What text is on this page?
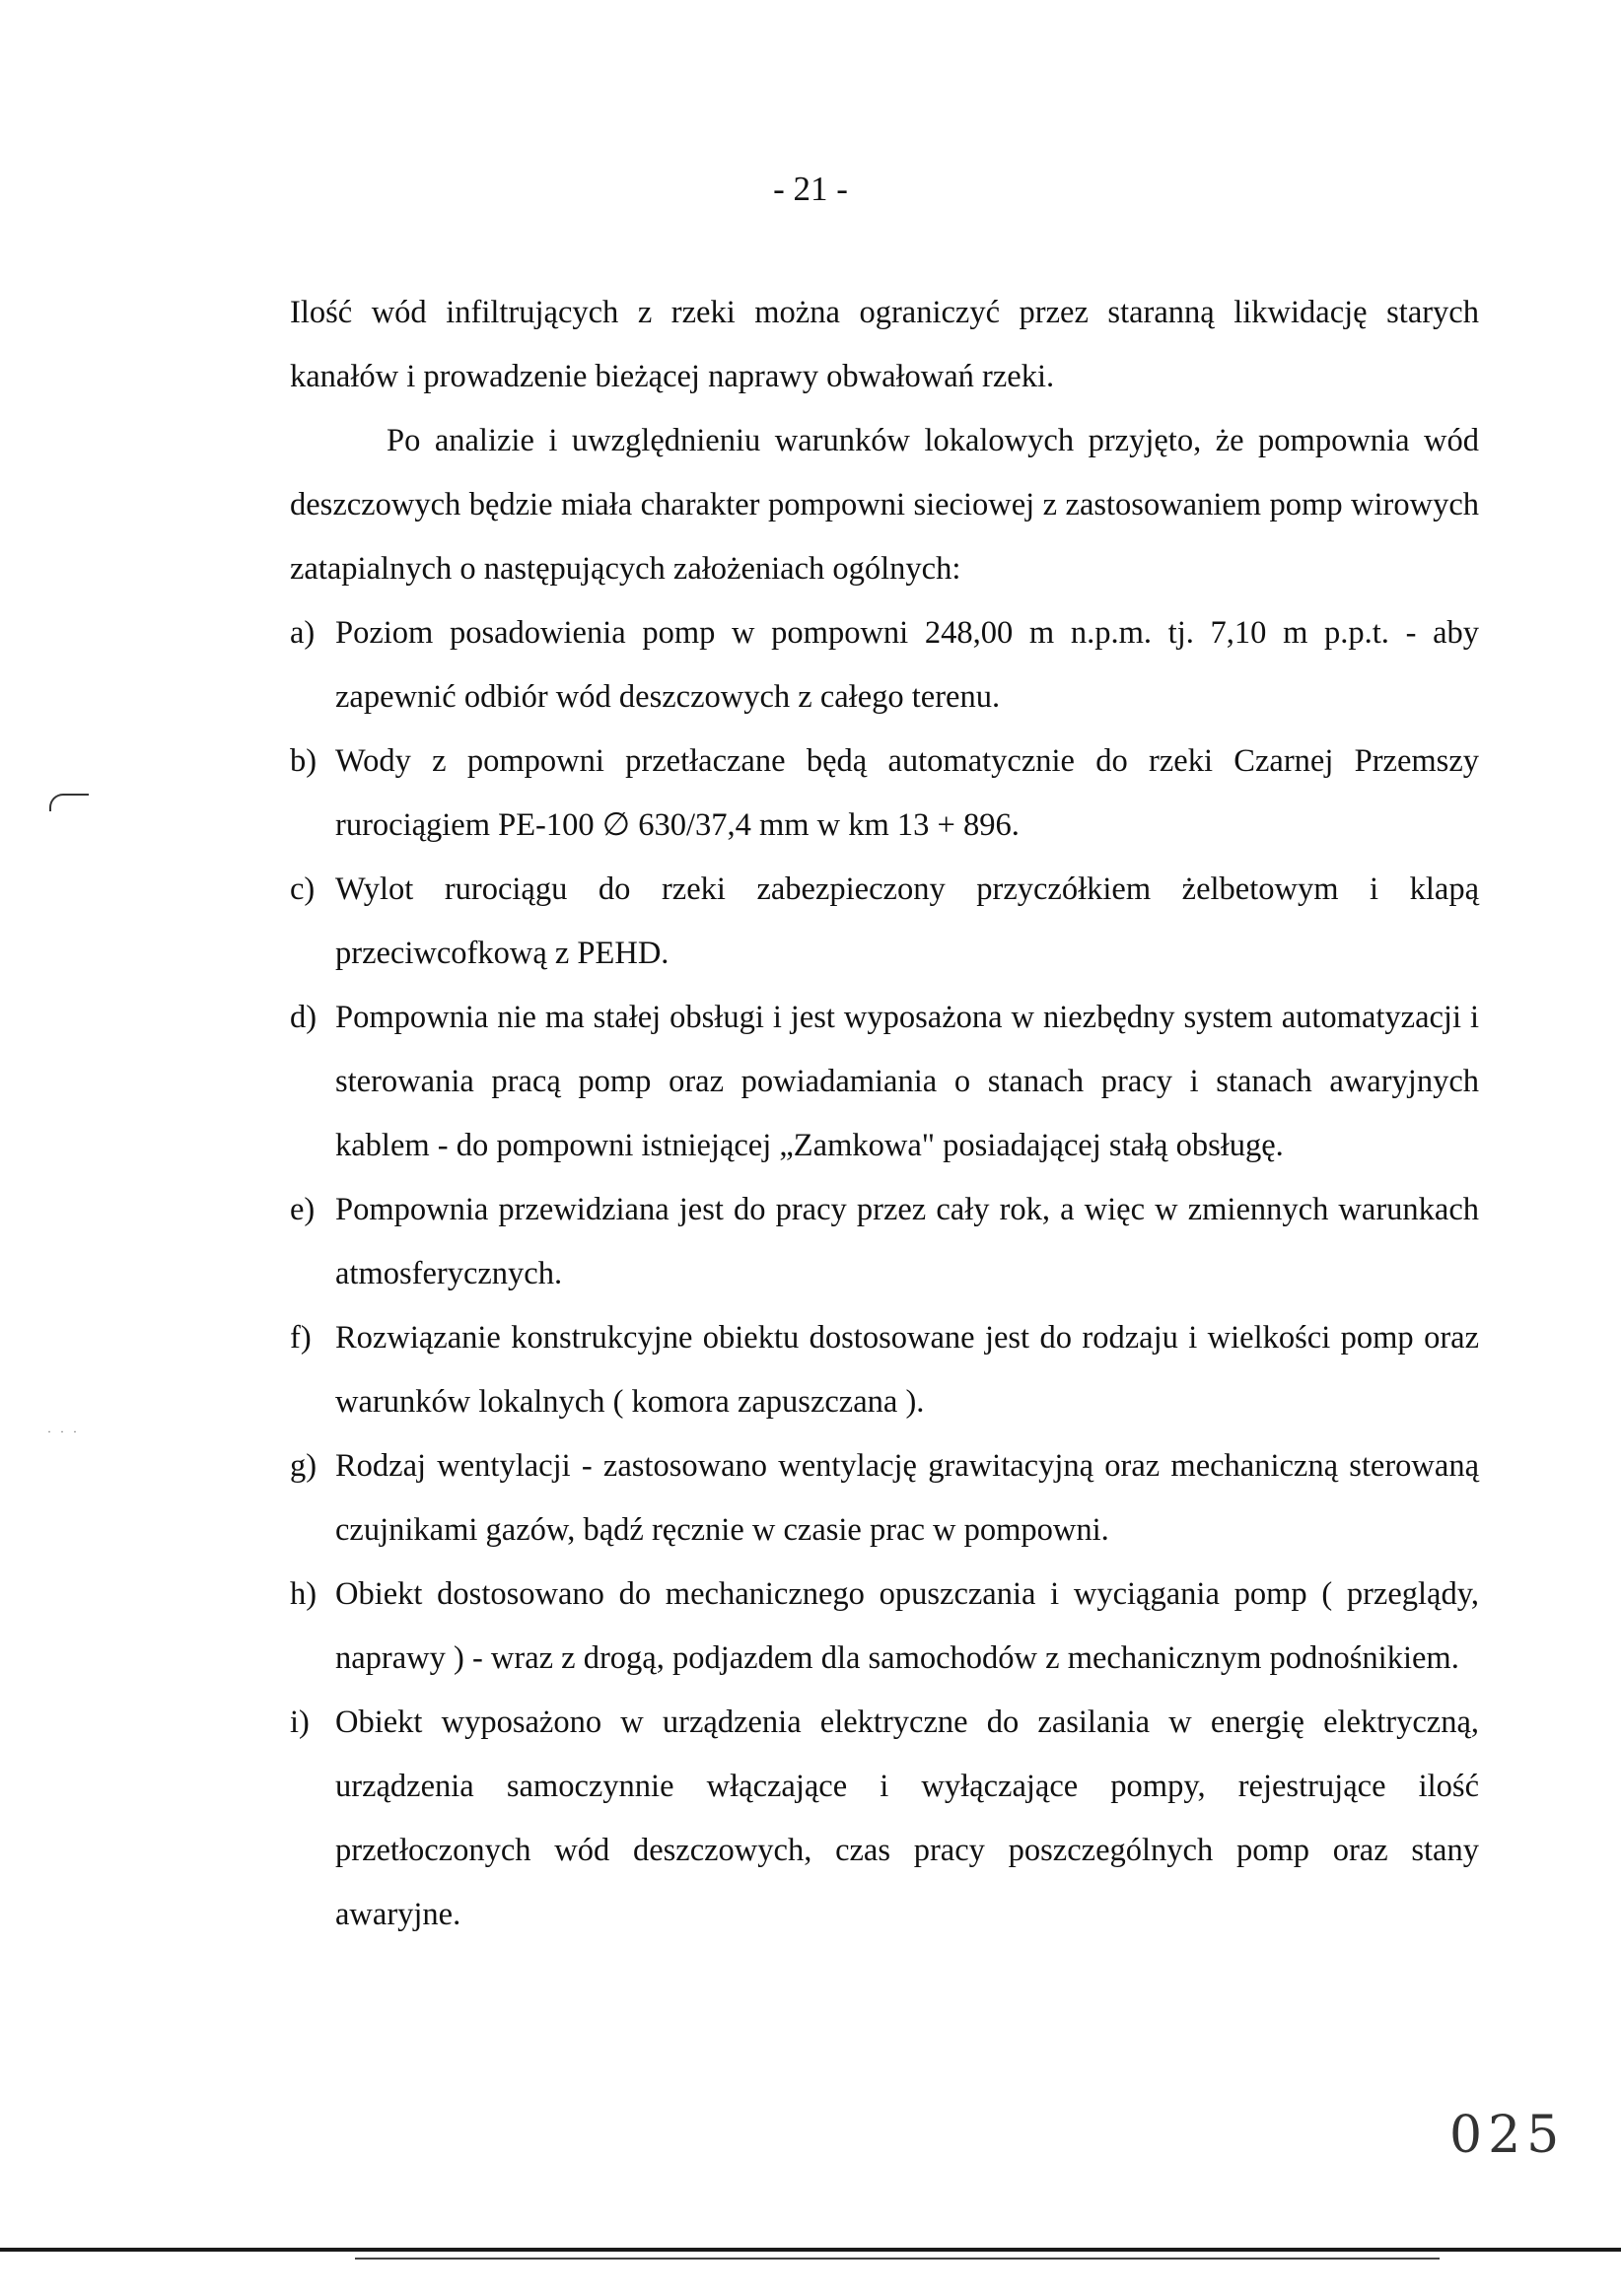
- 21 -

Ilość wód infiltrujących z rzeki można ograniczyć przez staranną likwidację starych kanałów i prowadzenie bieżącej naprawy obwałowań rzeki.

Po analizie i uwzględnieniu warunków lokalowych przyjęto, że pompownia wód deszczowych będzie miała charakter pompowni sieciowej z zastosowaniem pomp wirowych zatapialnych o następujących założeniach ogólnych:

a) Poziom posadowienia pomp w pompowni 248,00 m n.p.m. tj. 7,10 m p.p.t. - aby zapewnić odbiór wód deszczowych z całego terenu.
b) Wody z pompowni przetłaczane będą automatycznie do rzeki Czarnej Przemszy rurociągiem PE-100 ∅ 630/37,4 mm w km 13 + 896.
c) Wylot rurociągu do rzeki zabezpieczony przyczółkiem żelbetowym i klapą przeciwcofkową z PEHD.
d) Pompownia nie ma stałej obsługi i jest wyposażona w niezbędny system automatyzacji i sterowania pracą pomp oraz powiadamiania o stanach pracy i stanach awaryjnych kablem - do pompowni istniejącej „Zamkowa" posiadającej stałą obsługę.
e) Pompownia przewidziana jest do pracy przez cały rok, a więc w zmiennych warunkach atmosferycznych.
f) Rozwiązanie konstrukcyjne obiektu dostosowane jest do rodzaju i wielkości pomp oraz warunków lokalnych ( komora zapuszczana ).
g) Rodzaj wentylacji - zastosowano wentylację grawitacyjną oraz mechaniczną sterowaną czujnikami gazów, bądź ręcznie w czasie prac w pompowni.
h) Obiekt dostosowano do mechanicznego opuszczania i wyciągania pomp ( przeglądy, naprawy ) - wraz z drogą, podjazdem dla samochodów z mechanicznym podnośnikiem.
i) Obiekt wyposażono w urządzenia elektryczne do zasilania w energię elektryczną, urządzenia samoczynnie włączające i wyłączające pompy, rejestrujące ilość przetłoczonych wód deszczowych, czas pracy poszczególnych pomp oraz stany awaryjne.
· · ·
025
